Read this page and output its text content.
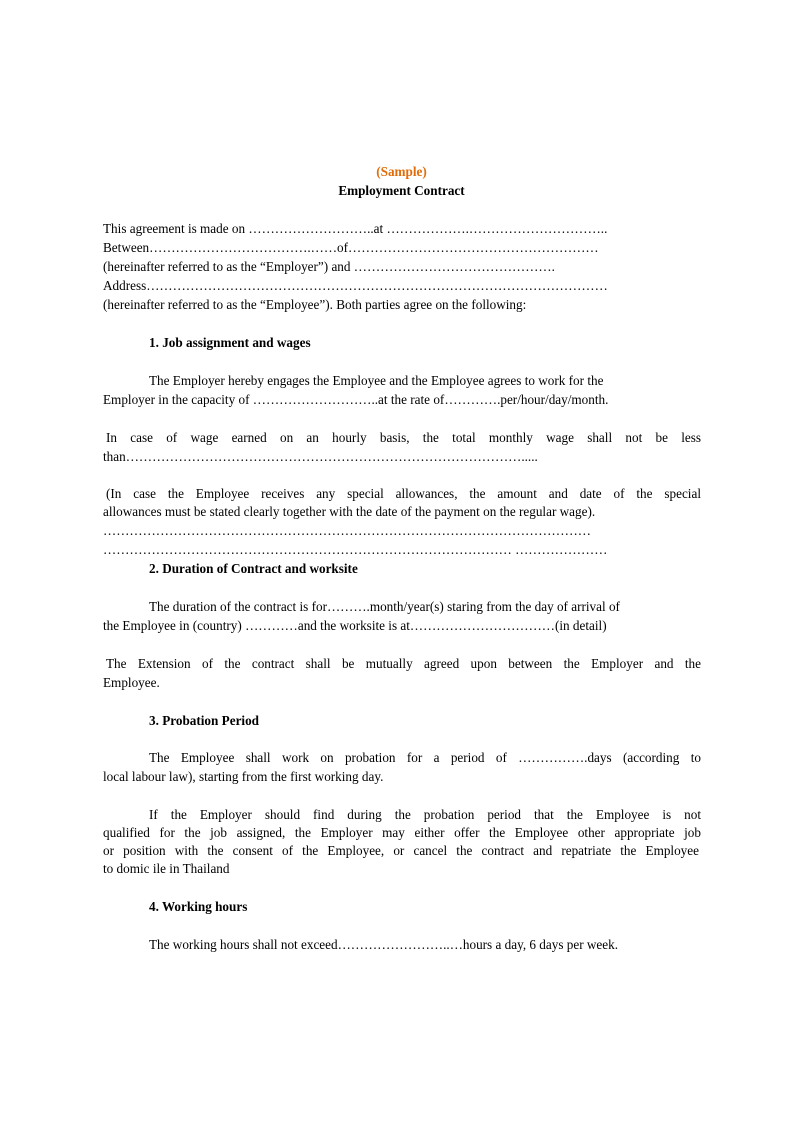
(Sample)
Employment Contract
This agreement is made on ………………………..at ……………….…………………………..
Between……………………………….……of…………………………………………………
(hereinafter referred to as the “Employer”) and ……………………………………….
Address……………………………………………………………………………………………
(hereinafter referred to as the “Employee”). Both parties agree on the following:
1. Job assignment and wages
The Employer hereby engages the Employee and the Employee agrees to work for the
Employer in the capacity of ………………………..at the rate of………….per/hour/day/month.
In case of wage earned on an hourly basis, the total monthly wage shall not be less
than……………………………………………………………………………….....
(In case the Employee receives any special allowances, the amount and date of the special
allowances must be stated clearly together with the date of the payment on the regular wage).
…………………………………………………………………………………………………
………………………………………………………………………………… …………………
2. Duration of Contract and worksite
The duration of the contract is for……….month/year(s) staring from the day of arrival of
the Employee in (country) …………and the worksite is at……………………………(in detail)
The Extension of the contract shall be mutually agreed upon between the Employer and the
Employee.
3. Probation Period
The Employee shall work on probation for a period of …………….days (according to
local labour law), starting from the first working day.
If the Employer should find during the probation period that the Employee is not
qualified for the job assigned, the Employer may either offer the Employee other appropriate job
or position with the consent of the Employee, or cancel the contract and repatriate the Employee
to domic ile in Thailand
4. Working hours
The working hours shall not exceed……………………..…hours a day, 6 days per week.
